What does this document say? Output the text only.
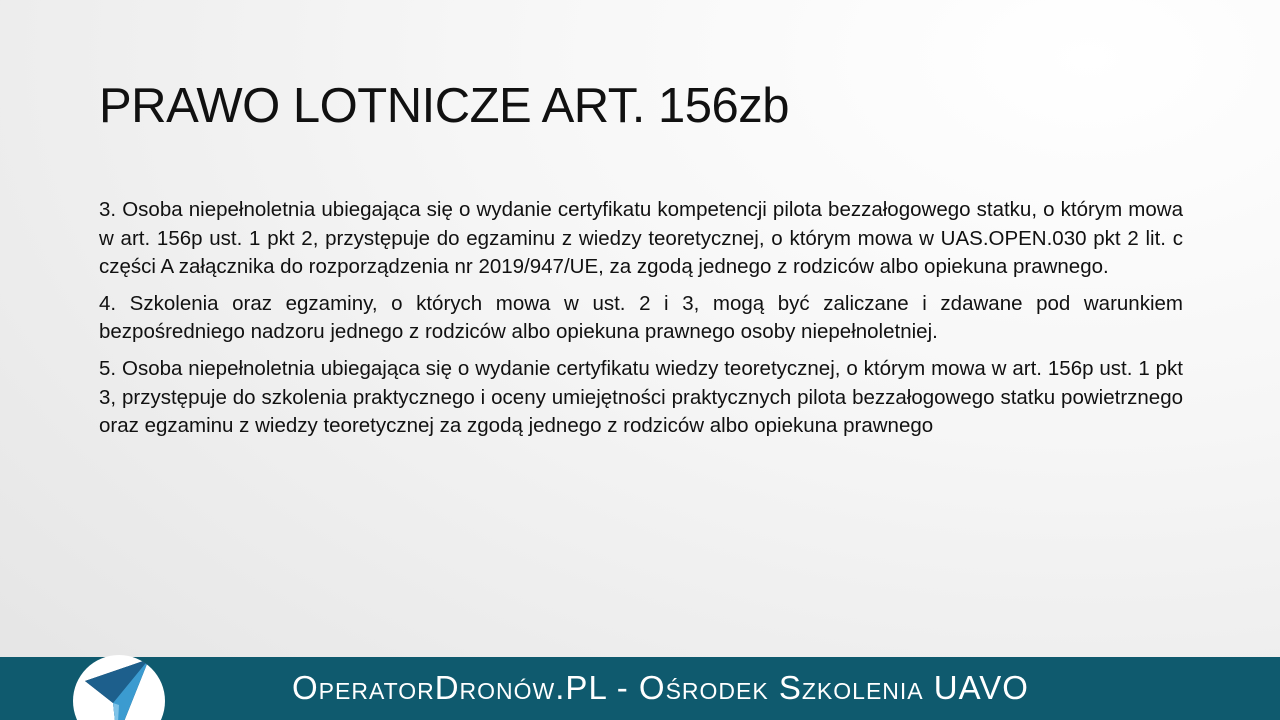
PRAWO LOTNICZE ART. 156zb

3. Osoba niepełnoletnia ubiegająca się o wydanie certyfikatu kompetencji pilota bezzałogowego statku, o którym mowa w art. 156p ust. 1 pkt 2, przystępuje do egzaminu z wiedzy teoretycznej, o którym mowa w UAS.OPEN.030 pkt 2 lit. c części A załącznika do rozporządzenia nr 2019/947/UE, za zgodą jednego z rodziców albo opiekuna prawnego.

4. Szkolenia oraz egzaminy, o których mowa w ust. 2 i 3, mogą być zaliczane i zdawane pod warunkiem bezpośredniego nadzoru jednego z rodziców albo opiekuna prawnego osoby niepełnoletniej.

5. Osoba niepełnoletnia ubiegająca się o wydanie certyfikatu wiedzy teoretycznej, o którym mowa w art. 156p ust. 1 pkt 3, przystępuje do szkolenia praktycznego i oceny umiejętności praktycznych pilota bezzałogowego statku powietrznego oraz egzaminu z wiedzy teoretycznej za zgodą jednego z rodziców albo opiekuna prawnego

OperatorDronów.PL - Ośrodek Szkolenia UAVO
